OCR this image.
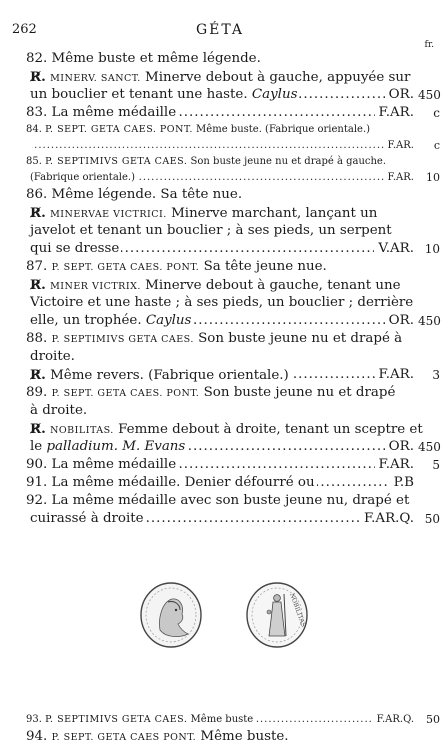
262	GÉTA
fr.
82. Même buste et même légende.
R̸. MINERV. SANCT. Minerve debout à gauche, appuyée sur
un bouclier et tenant une haste. Caylus	OR. 450
.....
83. La même médaille	F.AR.	c
.....
84. P. SEPT. GETA CAES. PONT. Même buste. (Fabrique orientale.)
F.AR.	c
.....
85. P. SEPTIMIVS GETA CAES. Son buste jeune nu et drapé à gauche.
(Fabrique orientale.)	F.AR.	10
.....
86. Même légende. Sa tête nue.
R̸. MINERVAE VICTRICI. Minerve marchant, lançant un
javelot et tenant un bouclier ; à ses pieds, un serpent
qui se dresse	V.AR. 10
.....
87. P. SEPT. GETA CAES. PONT. Sa tête jeune nue.
R̸. MINER VICTRIX. Minerve debout à gauche, tenant une
Victoire et une haste ; à ses pieds, un bouclier ; derrière
elle, un trophée. Caylus	OR. 450
.....
88. P. SEPTIMIVS GETA CAES. Son buste jeune nu et drapé à
droite.
R̸. Même revers. (Fabrique orientale.)	F.AR.	3
.....
89. P. SEPT. GETA CAES. PONT. Son buste jeune nu et drapé
à droite.
R̸. NOBILITAS. Femme debout à droite, tenant un sceptre et
le palladium. M. Evans	OR. 450
.....
90. La même médaille	F.AR.	5
.....
91. La même médaille. Denier défourré ou	P.B
.....
92. La même médaille avec son buste jeune nu, drapé et
cuirassé à droite	F.AR.Q. 50
.....
NOBILITAS
93. P. SEPTIMIVS GETA CAES. Même buste	F.AR.Q.	50
.....
94. P. SEPT. GETA CAES PONT. Même buste.
